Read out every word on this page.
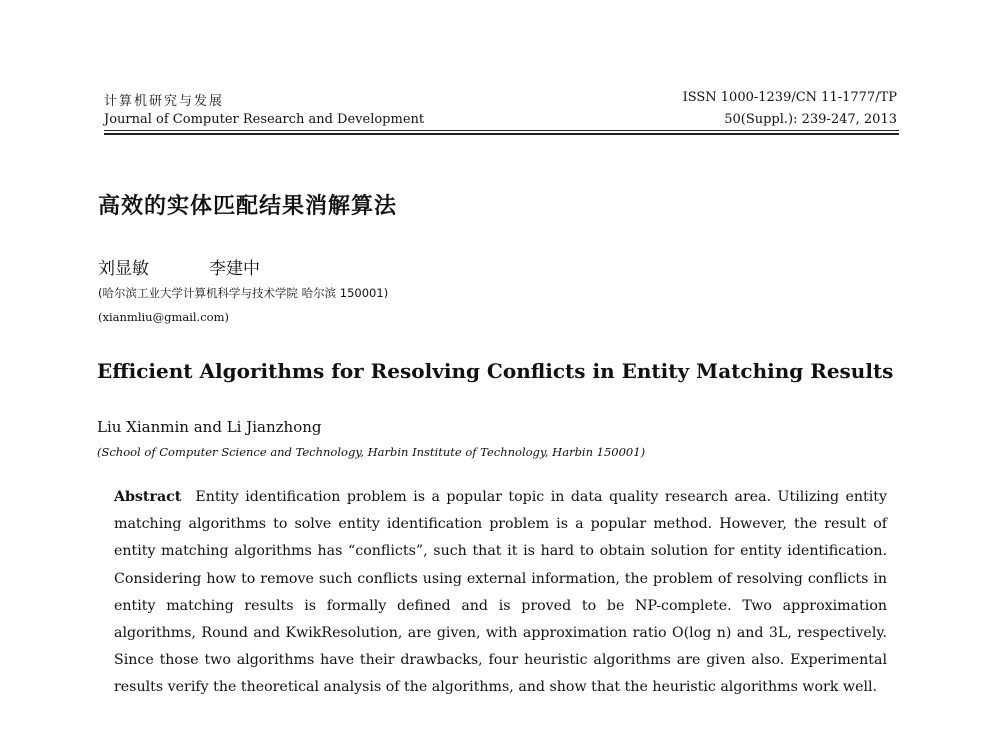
计算机研究与发展
Journal of Computer Research and Development
ISSN 1000-1239/CN 11-1777/TP
50(Suppl.): 239-247, 2013
高效的实体匹配结果消解算法
刘显敏	李建中
(哈尔滨工业大学计算机科学与技术学院 哈尔滨 150001)
(xianmliu@gmail.com)
Efficient Algorithms for Resolving Conflicts in Entity Matching Results
Liu Xianmin and Li Jianzhong
(School of Computer Science and Technology, Harbin Institute of Technology, Harbin 150001)
Abstract Entity identification problem is a popular topic in data quality research area. Utilizing entity matching algorithms to solve entity identification problem is a popular method. However, the result of entity matching algorithms has “conflicts”, such that it is hard to obtain solution for entity identification. Considering how to remove such conflicts using external information, the problem of resolving conflicts in entity matching results is formally defined and is proved to be NP-complete. Two approximation algorithms, Round and KwikResolution, are given, with approximation ratio O(log n) and 3L, respectively. Since those two algorithms have their drawbacks, four heuristic algorithms are given also. Experimental results verify the theoretical analysis of the algorithms, and show that the heuristic algorithms work well.
